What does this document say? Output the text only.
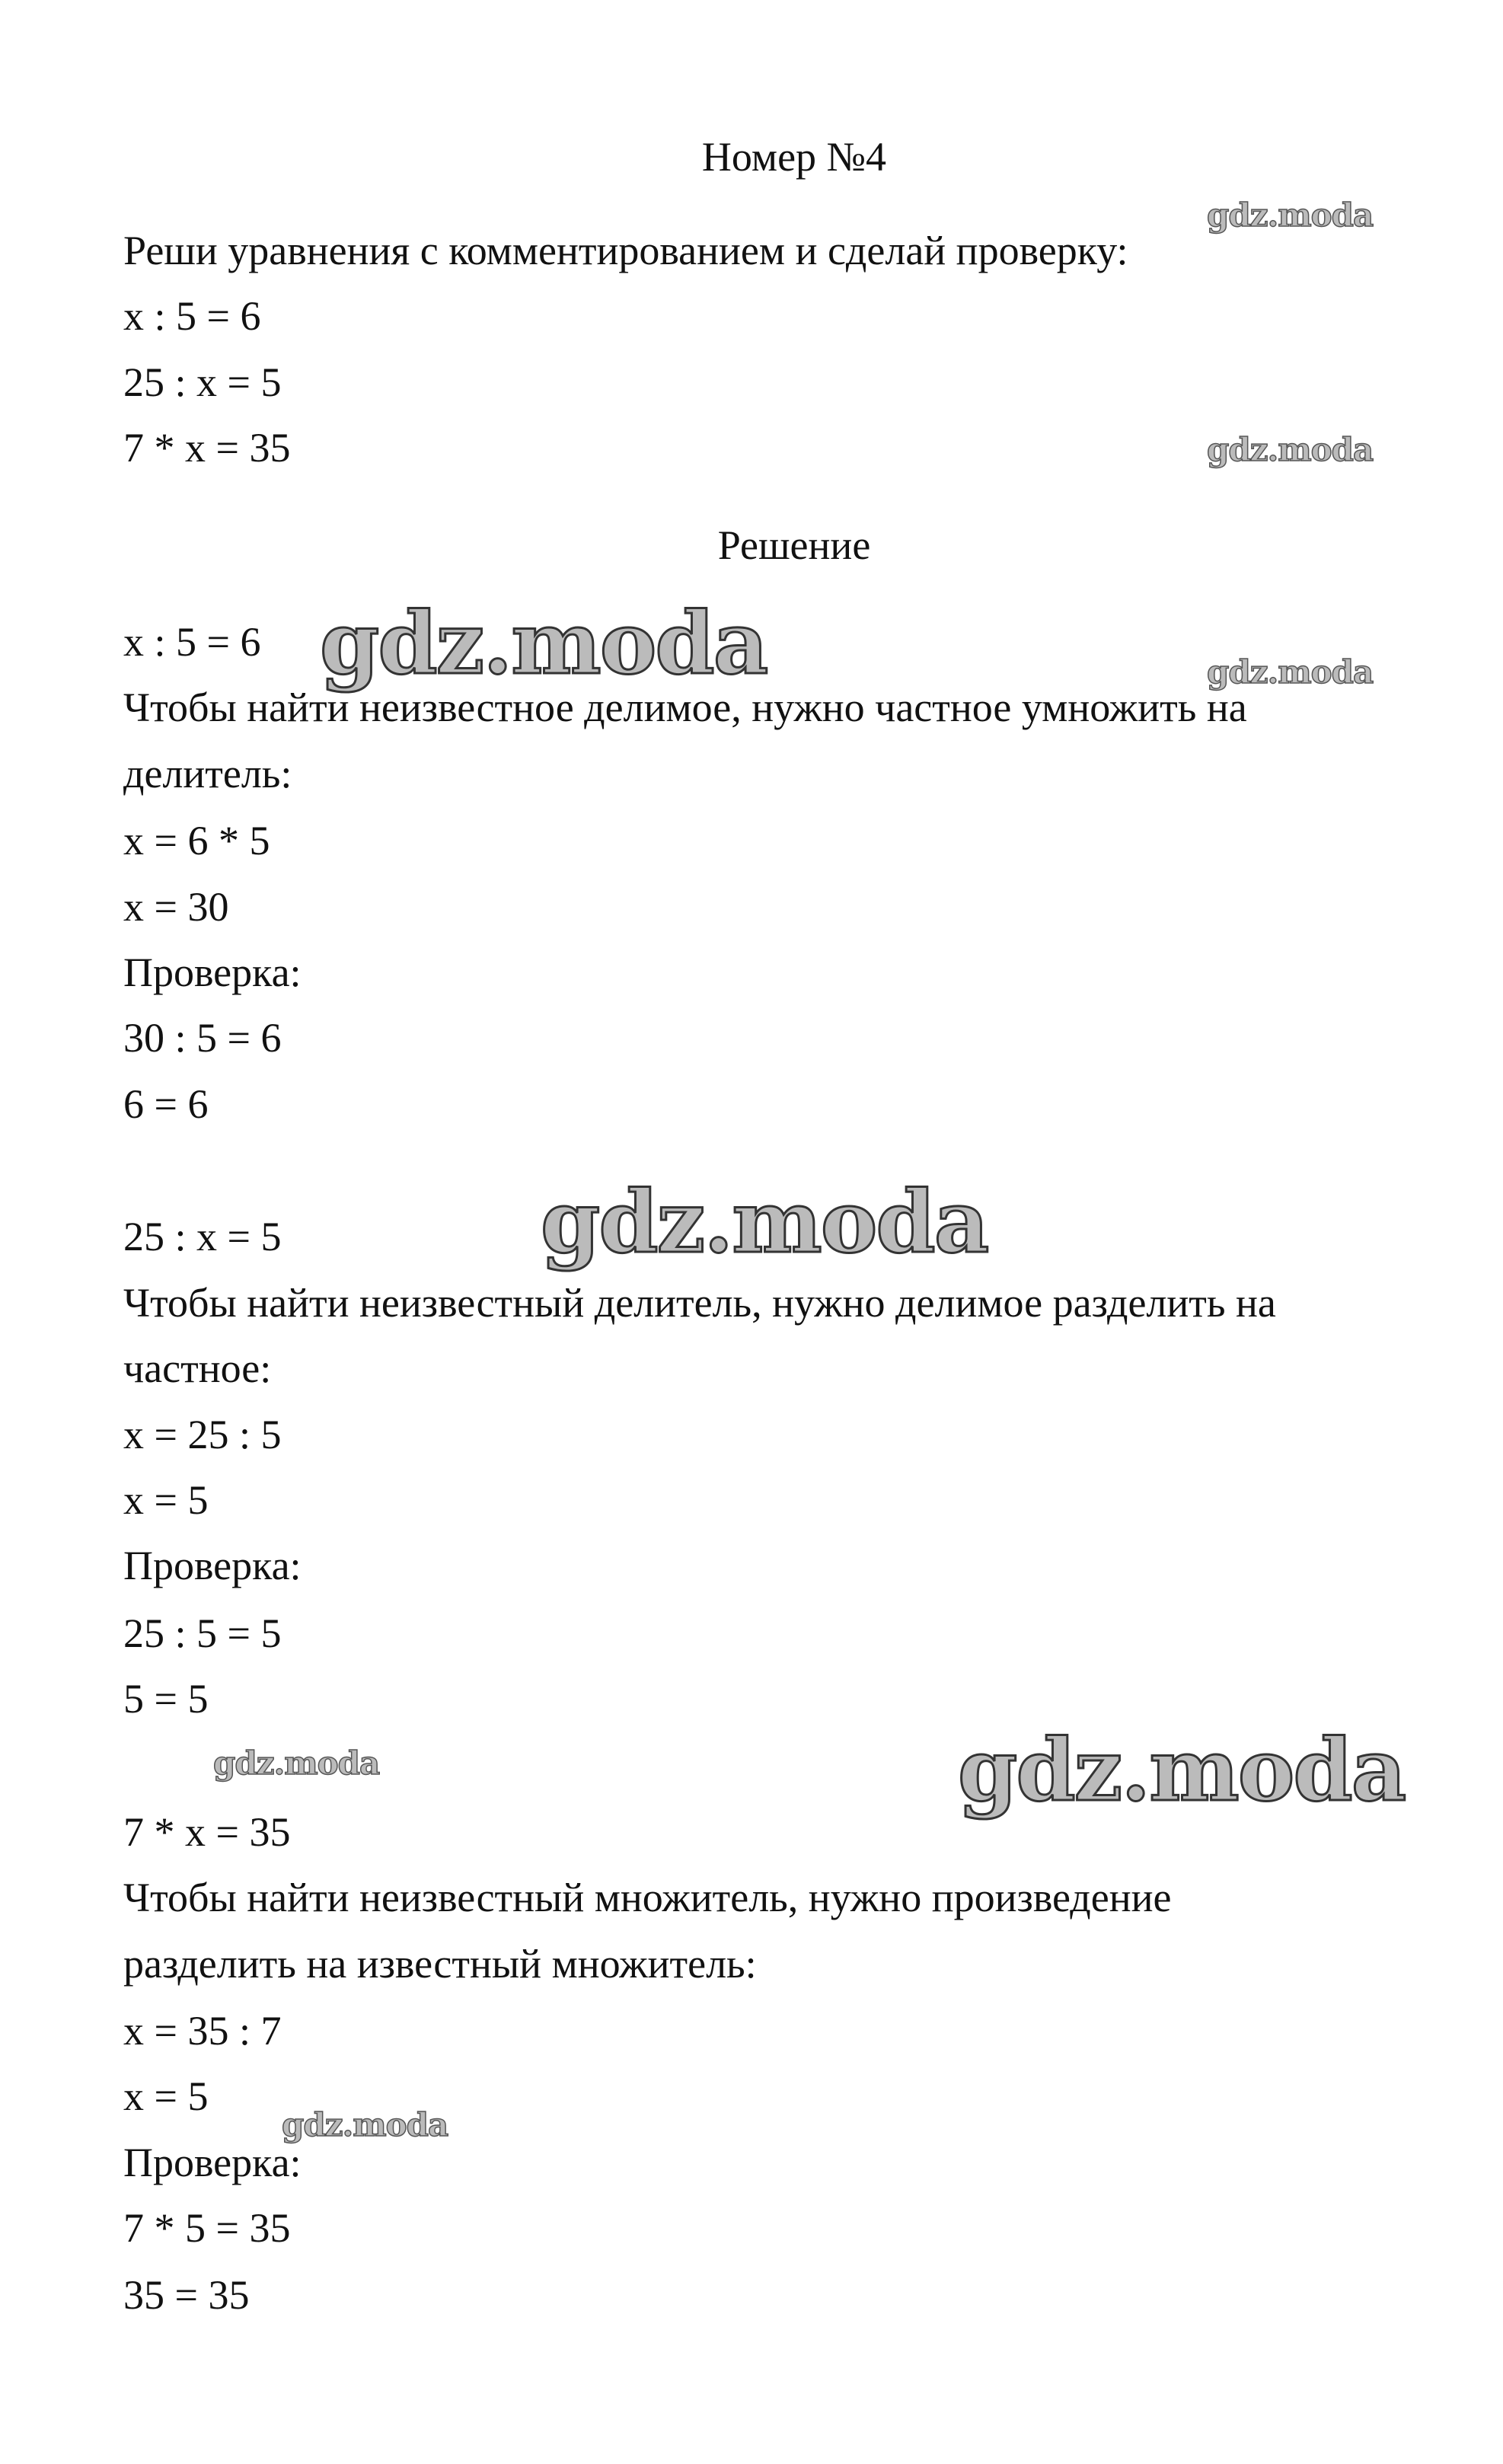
Номер №4
Реши уравнения с комментированием и сделай проверку:
x : 5 = 6
25 : x = 5
7 * x = 35
Решение
x : 5 = 6
Чтобы найти неизвестное делимое, нужно частное умножить на
делитель:
x = 6 * 5
x = 30
Проверка:
30 : 5 = 6
6 = 6
25 : x = 5
Чтобы найти неизвестный делитель, нужно делимое разделить на
частное:
x = 25 : 5
x = 5
Проверка:
25 : 5 = 5
5 = 5
7 * x = 35
Чтобы найти неизвестный множитель, нужно произведение
разделить на известный множитель:
x = 35 : 7
x = 5
Проверка:
7 * 5 = 35
35 = 35
gdz.moda
gdz.moda
gdz.moda
gdz.moda
gdz.moda
gdz.moda	gdz.moda
gdz.moda
